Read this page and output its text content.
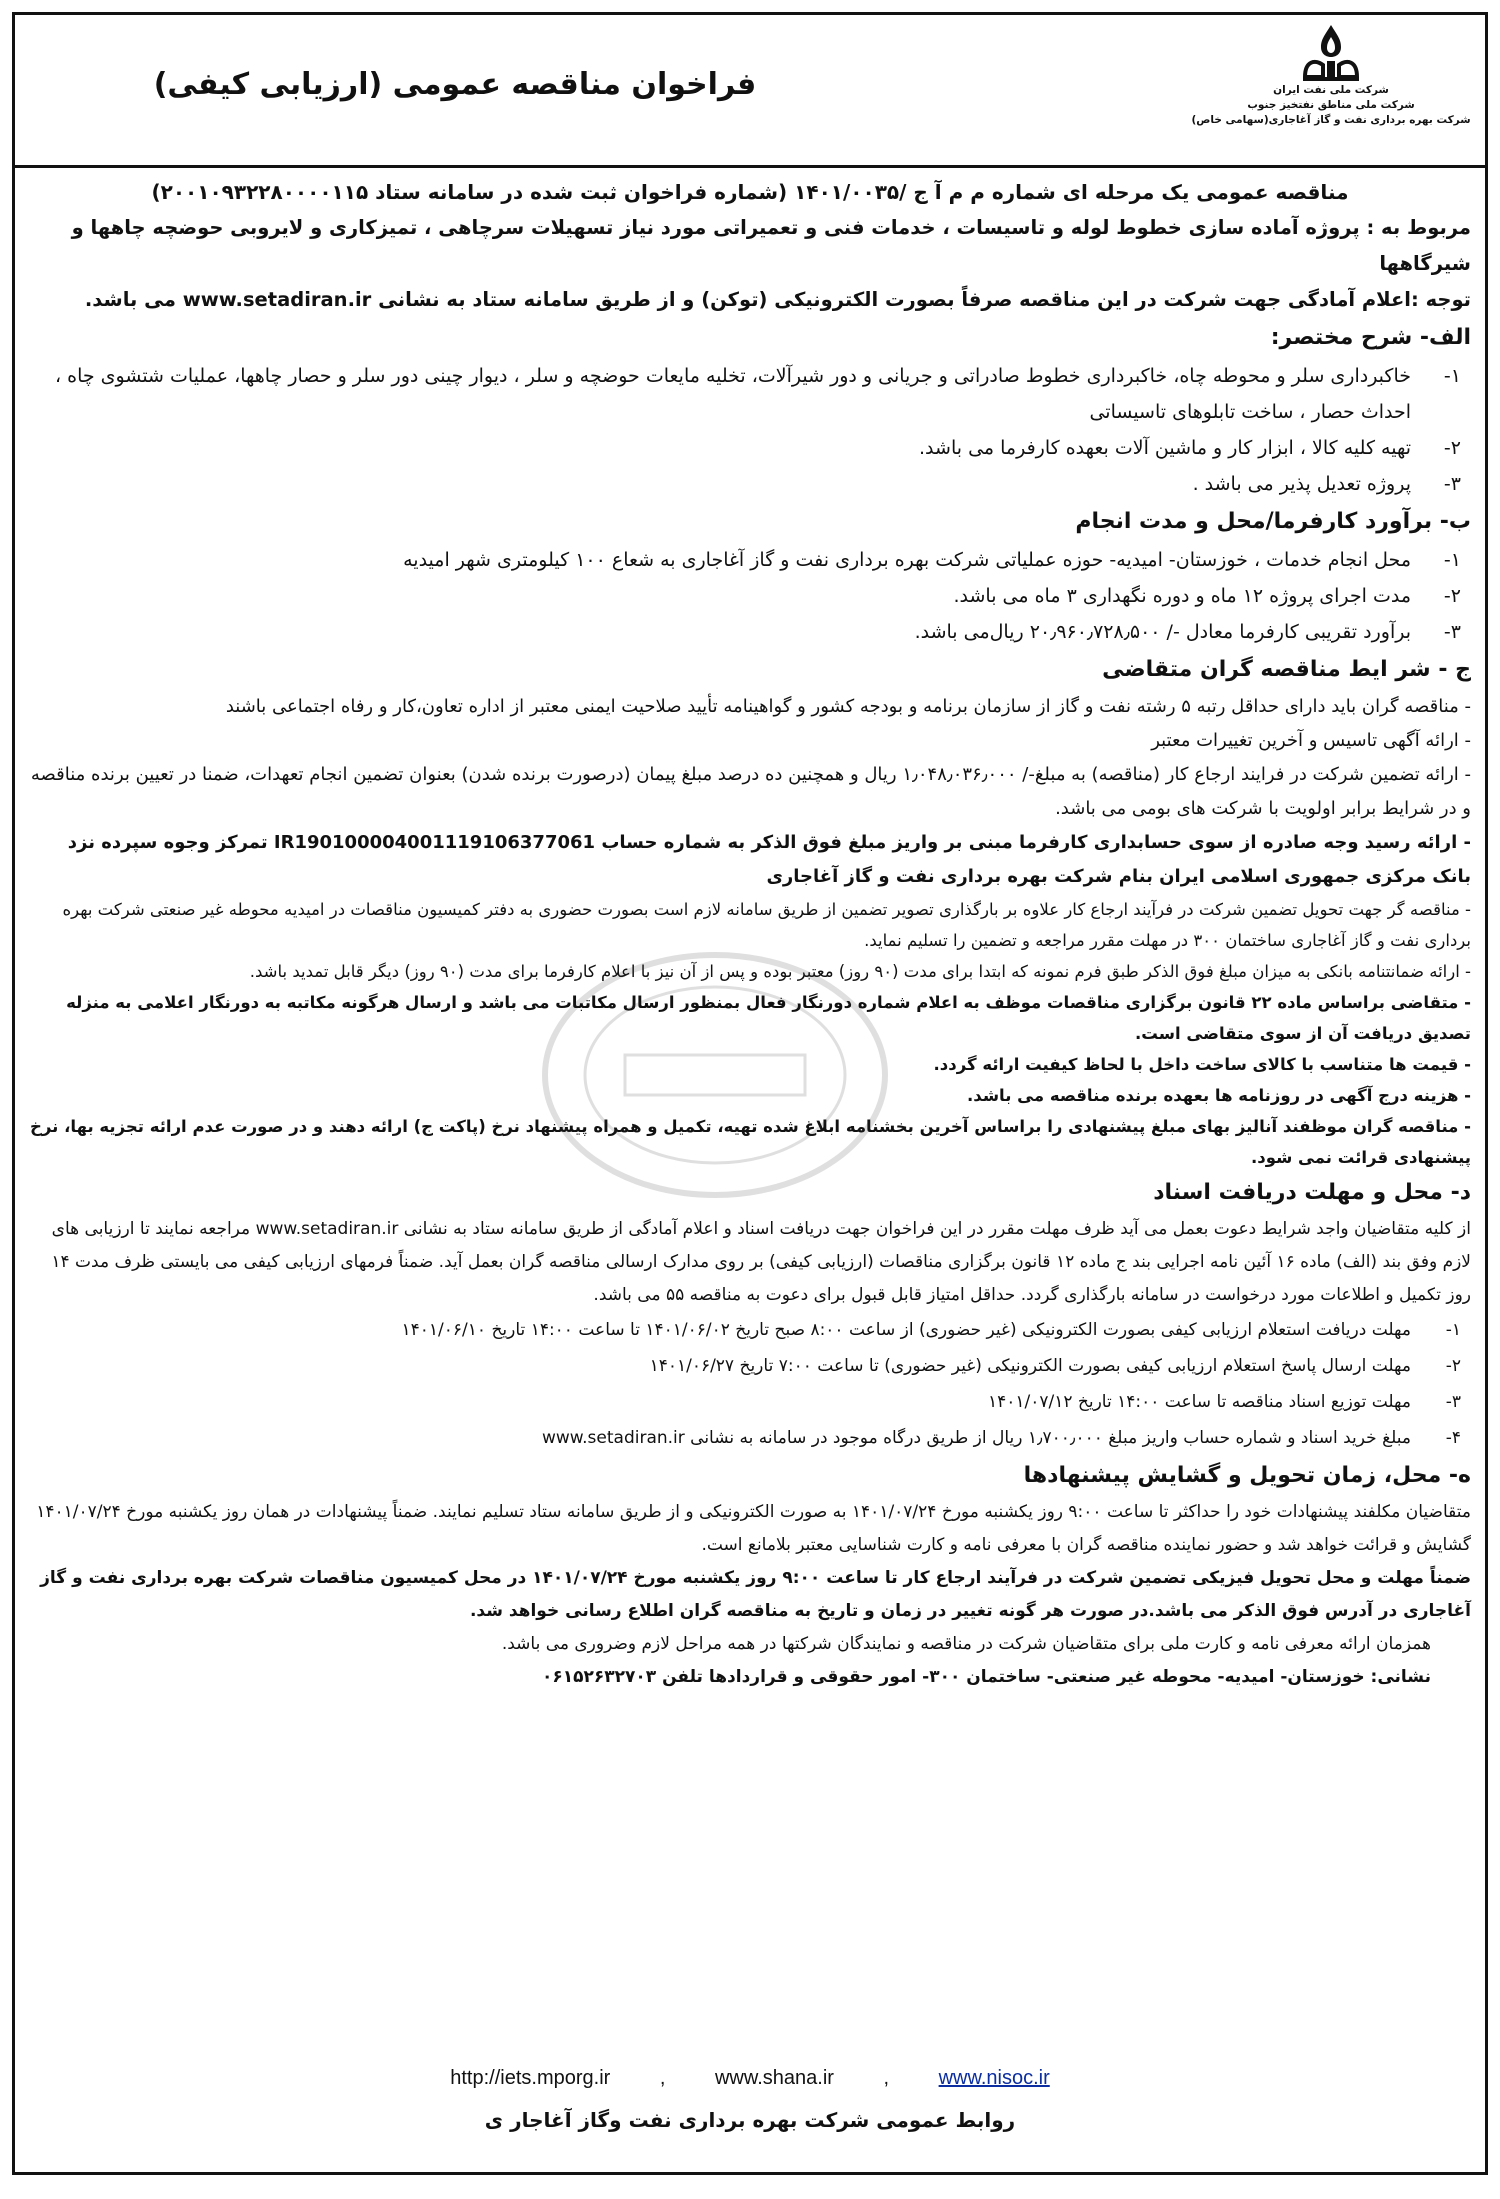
شرکت ملی نفت ایران
شرکت ملی مناطق نفتخیز جنوب
شرکت بهره برداری نفت و گاز آغاجاری(سهامی خاص)
فراخوان مناقصه عمومی (ارزیابی کیفی)

مناقصه عمومی یک مرحله ای شماره م م آ ج /۱۴۰۱/۰۰۳۵ (شماره فراخوان ثبت شده در سامانه ستاد ۲۰۰۱۰۹۳۲۲۸۰۰۰۰۱۱۵)

مربوط به : پروژه آماده سازی خطوط لوله و تاسیسات ، خدمات فنی و تعمیراتی مورد نیاز تسهیلات سرچاهی ، تمیزکاری و لایروبی حوضچه چاهها و شیرگاهها

توجه :اعلام آمادگی جهت شرکت در این مناقصه صرفاً بصورت الکترونیکی (توکن) و از طریق سامانه ستاد به نشانی www.setadiran.ir می باشد.

الف- شرح مختصر:

۱-
خاکبرداری سلر و محوطه چاه، خاکبرداری خطوط صادراتی و جریانی و دور شیرآلات، تخلیه مایعات حوضچه و سلر ، دیوار چینی دور سلر و حصار چاهها، عملیات شتشوی چاه ، احداث حصار ، ساخت تابلوهای تاسیساتی
۲-
تهیه کلیه کالا ، ابزار کار و ماشین آلات بعهده کارفرما می باشد.
۳-
پروژه تعدیل پذیر می باشد .

ب- برآورد کارفرما/محل و مدت انجام

۱-
محل انجام خدمات ، خوزستان- امیدیه- حوزه عملیاتی شرکت بهره برداری نفت و گاز آغاجاری به شعاع ۱۰۰ کیلومتری شهر امیدیه
۲-
مدت اجرای پروژه ۱۲ ماه و دوره نگهداری ۳ ماه می باشد.
۳-
برآورد تقریبی کارفرما معادل -/ ۲۰٫۹۶۰٫۷۲۸٫۵۰۰ ریال‌می باشد.

ج - شر ایط مناقصه گران متقاضی

- مناقصه گران باید دارای حداقل رتبه ۵ رشته نفت و گاز از سازمان برنامه و بودجه کشور و گواهینامه تأیید صلاحیت ایمنی معتبر از اداره تعاون،کار و رفاه اجتماعی باشند

- ارائه آگهی تاسیس و آخرین تغییرات معتبر

- ارائه تضمین شرکت در فرایند ارجاع کار (مناقصه) به مبلغ-/ ۱٫۰۴۸٫۰۳۶٫۰۰۰ ریال و همچنین ده درصد مبلغ پیمان (درصورت برنده شدن) بعنوان تضمین انجام تعهدات، ضمنا در تعیین برنده مناقصه و در شرایط برابر اولویت با شرکت های بومی می باشد.

- ارائه رسید وجه صادره از سوی حسابداری کارفرما مبنی بر واریز مبلغ فوق الذکر به شماره حساب IR190100004001119106377061 تمرکز وجوه سپرده نزد بانک مرکزی جمهوری اسلامی ایران بنام شرکت بهره برداری نفت و گاز آغاجاری

- مناقصه گر جهت تحویل تضمین شرکت در فرآیند ارجاع کار علاوه بر بارگذاری تصویر تضمین از طریق سامانه لازم است بصورت حضوری به دفتر کمیسیون مناقصات در امیدیه محوطه غیر صنعتی شرکت بهره برداری نفت و گاز آغاجاری ساختمان ۳۰۰ در مهلت مقرر مراجعه و تضمین را تسلیم نماید.

- ارائه ضمانتنامه بانکی به میزان مبلغ فوق الذکر طبق فرم نمونه که ابتدا برای مدت (۹۰ روز) معتبر بوده و پس از آن نیز با اعلام کارفرما برای مدت (۹۰ روز) دیگر قابل تمدید باشد.

- متقاضی براساس ماده ۲۲ قانون برگزاری مناقصات موظف به اعلام شماره دورنگار فعال بمنظور ارسال مکاتبات می باشد و ارسال هرگونه مکاتبه به دورنگار اعلامی به منزله تصدیق دریافت آن از سوی متقاضی است.

- قیمت ها متناسب با کالای ساخت داخل با لحاظ کیفیت ارائه گردد.

- هزینه درج آگهی در روزنامه ها بعهده برنده مناقصه می باشد.

- مناقصه گران موظفند آنالیز بهای مبلغ پیشنهادی را براساس آخرین بخشنامه ابلاغ شده تهیه، تکمیل و همراه پیشنهاد نرخ (پاکت ج) ارائه دهند و در صورت عدم ارائه تجزیه بها، نرخ پیشنهادی قرائت نمی شود.

د- محل و مهلت دریافت اسناد

از کلیه متقاضیان واجد شرایط دعوت بعمل می آید ظرف مهلت مقرر در این فراخوان جهت دریافت اسناد و اعلام آمادگی از طریق سامانه ستاد به نشانی www.setadiran.ir مراجعه نمایند تا ارزیابی های لازم وفق بند (الف) ماده ۱۶ آئین نامه اجرایی بند ج ماده ۱۲ قانون برگزاری مناقصات (ارزیابی کیفی) بر روی مدارک ارسالی مناقصه گران بعمل آید. ضمناً فرمهای ارزیابی کیفی می بایستی ظرف مدت ۱۴ روز تکمیل و اطلاعات مورد درخواست در سامانه بارگذاری گردد. حداقل امتیاز قابل قبول برای دعوت به مناقصه ۵۵ می باشد.

۱-
مهلت دریافت استعلام ارزیابی کیفی بصورت الکترونیکی (غیر حضوری) از ساعت ۸:۰۰ صبح تاریخ ۱۴۰۱/۰۶/۰۲ تا ساعت ۱۴:۰۰ تاریخ ۱۴۰۱/۰۶/۱۰
۲-
مهلت ارسال پاسخ استعلام ارزیابی کیفی بصورت الکترونیکی (غیر حضوری) تا ساعت ۷:۰۰ تاریخ ۱۴۰۱/۰۶/۲۷
۳-
مهلت توزیع اسناد مناقصه تا ساعت ۱۴:۰۰ تاریخ ۱۴۰۱/۰۷/۱۲
۴-
مبلغ خرید اسناد و شماره حساب واریز مبلغ ۱٫۷۰۰٫۰۰۰ ریال از طریق درگاه موجود در سامانه به نشانی www.setadiran.ir

ه- محل، زمان تحویل و گشایش پیشنهادها

متقاضیان مکلفند پیشنهادات خود را حداکثر تا ساعت ۹:۰۰ روز یکشنبه مورخ ۱۴۰۱/۰۷/۲۴ به صورت الکترونیکی و از طریق سامانه ستاد تسلیم نمایند. ضمناً پیشنهادات در همان روز یکشنبه مورخ ۱۴۰۱/۰۷/۲۴ گشایش و قرائت خواهد شد و حضور نماینده مناقصه گران با معرفی نامه و کارت شناسایی معتبر بلامانع است.

ضمناً مهلت و محل تحویل فیزیکی تضمین شرکت در فرآیند ارجاع کار تا ساعت ۹:۰۰ روز یکشنبه مورخ ۱۴۰۱/۰۷/۲۴ در محل کمیسیون مناقصات شرکت بهره برداری نفت و گاز آغاجاری در آدرس فوق الذکر می باشد.در صورت هر گونه تغییر در زمان و تاریخ به مناقصه گران اطلاع رسانی خواهد شد.

همزمان ارائه معرفی نامه و کارت ملی برای متقاضیان شرکت در مناقصه و نمایندگان شرکتها در همه مراحل لازم وضروری می باشد.

نشانی: خوزستان- امیدیه- محوطه غیر صنعتی- ساختمان ۳۰۰- امور حقوقی و قراردادها تلفن ۰۶۱۵۲۶۳۲۷۰۳

http://iets.mporg.ir , www.shana.ir , www.nisoc.ir
روابط عمومی شرکت بهره برداری نفت وگاز آغاجار ی
